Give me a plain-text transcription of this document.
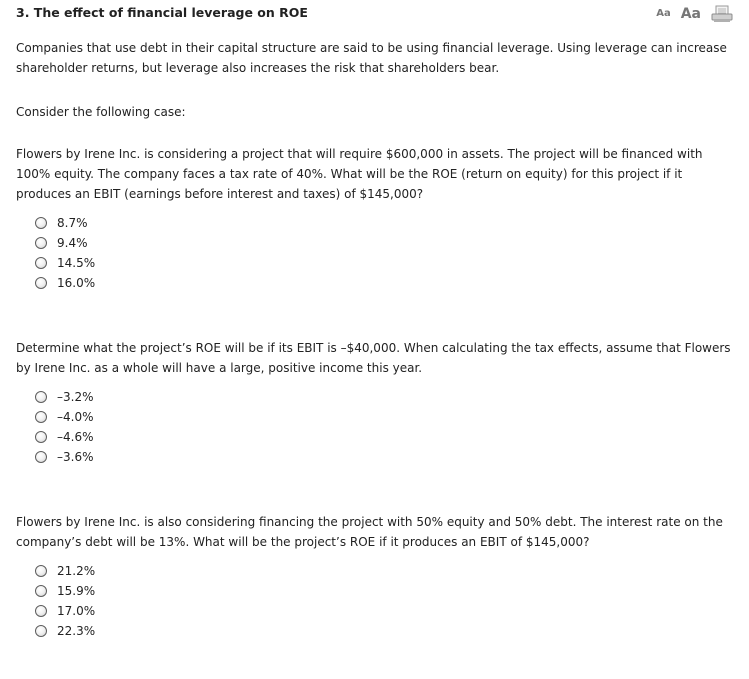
3. The effect of financial leverage on ROE	Aa Aa

Companies that use debt in their capital structure are said to be using financial leverage. Using leverage can increase shareholder returns, but leverage also increases the risk that shareholders bear.

Consider the following case:

Flowers by Irene Inc. is considering a project that will require $600,000 in assets. The project will be financed with 100% equity. The company faces a tax rate of 40%. What will be the ROE (return on equity) for this project if it produces an EBIT (earnings before interest and taxes) of $145,000?

8.7%
9.4%
14.5%
16.0%

Determine what the project’s ROE will be if its EBIT is –$40,000. When calculating the tax effects, assume that Flowers by Irene Inc. as a whole will have a large, positive income this year.

–3.2%
–4.0%
–4.6%
–3.6%

Flowers by Irene Inc. is also considering financing the project with 50% equity and 50% debt. The interest rate on the company’s debt will be 13%. What will be the project’s ROE if it produces an EBIT of $145,000?

21.2%
15.9%
17.0%
22.3%
